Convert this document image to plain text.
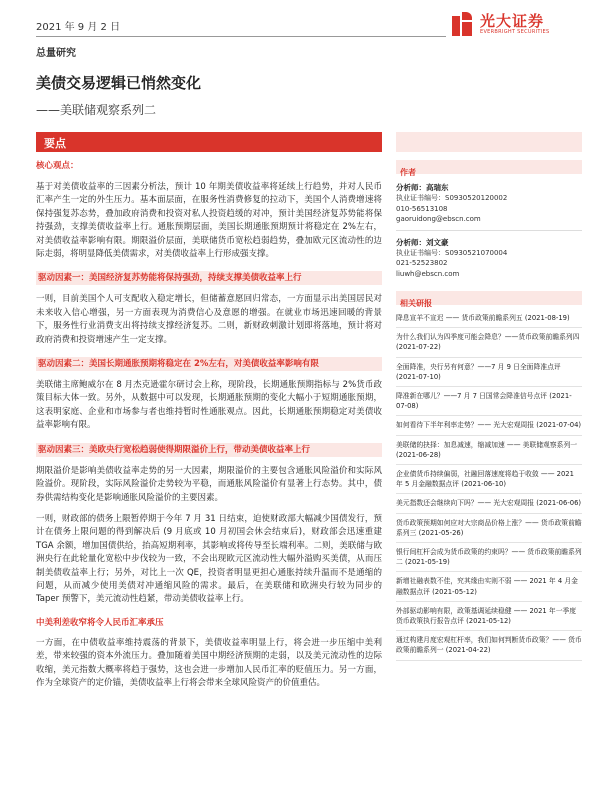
2021 年 9 月 2 日	光大证券
EVERBRIGHT SECURITIES
总量研究
美债交易逻辑已悄然变化
——美联储观察系列二
要点
核心观点：
基于对美债收益率的三因素分析法，预计 10 年期美债收益率将延续上行趋势，并对人民币汇率产生一定的外生压力。基本面层面，在服务性消费修复的拉动下，美国个人消费增速将保持强复苏态势，叠加政府消费和投资对私人投资趋缓的对冲，预计美国经济复苏势能将保持强劲，支撑美债收益率上行。通胀预期层面，美国长期通胀预期预计将稳定在 2%左右，对美债收益率影响有限。期限溢价层面，美联储货币宽松趋弱趋势，叠加欧元区流动性的边际走弱，将明显降低美债需求，对美债收益率上行形成强支撑。
驱动因素一：美国经济复苏势能将保持强劲，持续支撑美债收益率上行
一则，目前美国个人可支配收入稳定增长，但储蓄意愿回归常态，一方面显示出美国居民对未来收入信心增强，另一方面表现为消费信心及意愿的增强。在就业市场迅速回暖的背景下，服务性行业消费支出将持续支撑经济复苏。二则，新财政刺激计划即将落地，预计将对政府消费和投资增速产生一定支撑。
驱动因素二：美国长期通胀预期将稳定在 2%左右，对美债收益率影响有限
美联储主席鲍威尔在 8 月杰克逊霍尔研讨会上称，现阶段，长期通胀预期指标与 2%货币政策目标大体一致。另外，从数据中可以发现，长期通胀预期的变化大幅小于短期通胀预期，这表明家庭、企业和市场参与者也维持暂时性通胀观点。因此，长期通胀预期稳定对美债收益率影响有限。
驱动因素三：美欧央行宽松趋弱使得期限溢价上行，带动美债收益率上行
期限溢价是影响美债收益率走势的另一大因素，期限溢价的主要包含通胀风险溢价和实际风险溢价。现阶段，实际风险溢价走势较为平稳，而通胀风险溢价有显著上行态势。其中，债券供需结构变化是影响通胀风险溢价的主要因素。
一则，财政部的债务上限暂停期于今年 7 月 31 日结束，迫使财政部大幅减少国债发行，预计在债务上限问题的得到解决后 (9 月底或 10 月初国会休会结束后)，财政部会迅速重建 TGA 余额，增加国债供给，抬高短期利率，其影响或将传导至长端利率。二则，美联储与欧洲央行在此轮量化宽松中步伐较为一致，不会出现欧元区流动性大幅外溢购买美债，从而压制美债收益率上行；另外，对比上一次 QE，投资者明显更担心通胀持续升温而不是通缩的问题，从而减少使用美债对冲通缩风险的需求。最后，在美联储和欧洲央行较为同步的 Taper 预警下，美元流动性趋紧，带动美债收益率上行。
中美利差收窄将令人民币汇率承压
一方面，在中债收益率维持震荡的背景下，美债收益率明显上行，将会进一步压缩中美利差，带来较强的资本外流压力。叠加随着美国中期经济预期的走弱，以及美元流动性的边际收缩，美元指数大概率将趋于强势，这也会进一步增加人民币汇率的贬值压力。另一方面，作为全球资产的定价锚，美债收益率上行将会带来全球风险资产的价值重估。
作者
分析师：高瑞东
执业证书编号：S0930520120002
010-56513108
gaoruidong@ebscn.com
分析师：刘文豪
执业证书编号：S0930521070004
021-52523802
liuwh@ebscn.com
相关研报
降息宣羊不宣迟 —— 货币政策前瞻系列五 (2021-08-19)
为什么我们认为四季度可能会降息？——货币政策前瞻系列四 (2021-07-22)
全面降准，央行另有何意？——7 月 9 日全面降准点评 (2021-07-10)
降准新在哪儿？——7 月 7 日国常会降准信号点评 (2021-07-08)
如何看待下半年利率走势？—— 光大宏观周报 (2021-07-04)
美联储的抉择：加息减速，缩减加速 —— 美联储观察系列一 (2021-06-28)
企业债货币持续偏弱，社融回落速度将趋于收敛 —— 2021 年 5 月金融数据点评 (2021-06-10)
美元指数还会继续向下吗？—— 光大宏观周报 (2021-06-06)
货币政策预期如何应对大宗商品价格上涨？—— 货币政策前瞻系列三 (2021-05-26)
银行间杠杆会成为货币政策的约束吗？—— 货币政策前瞻系列二 (2021-05-19)
新增社融表数不佳，究其缘由实则不弱 —— 2021 年 4 月金融数据点评 (2021-05-12)
外部驱动影响有限，政策基调延续稳健 —— 2021 年一季度货币政策执行报告点评 (2021-05-12)
通过构建月度宏观杠杆率，我们如何判断货币政策？—— 货币政策前瞻系列一 (2021-04-22)
